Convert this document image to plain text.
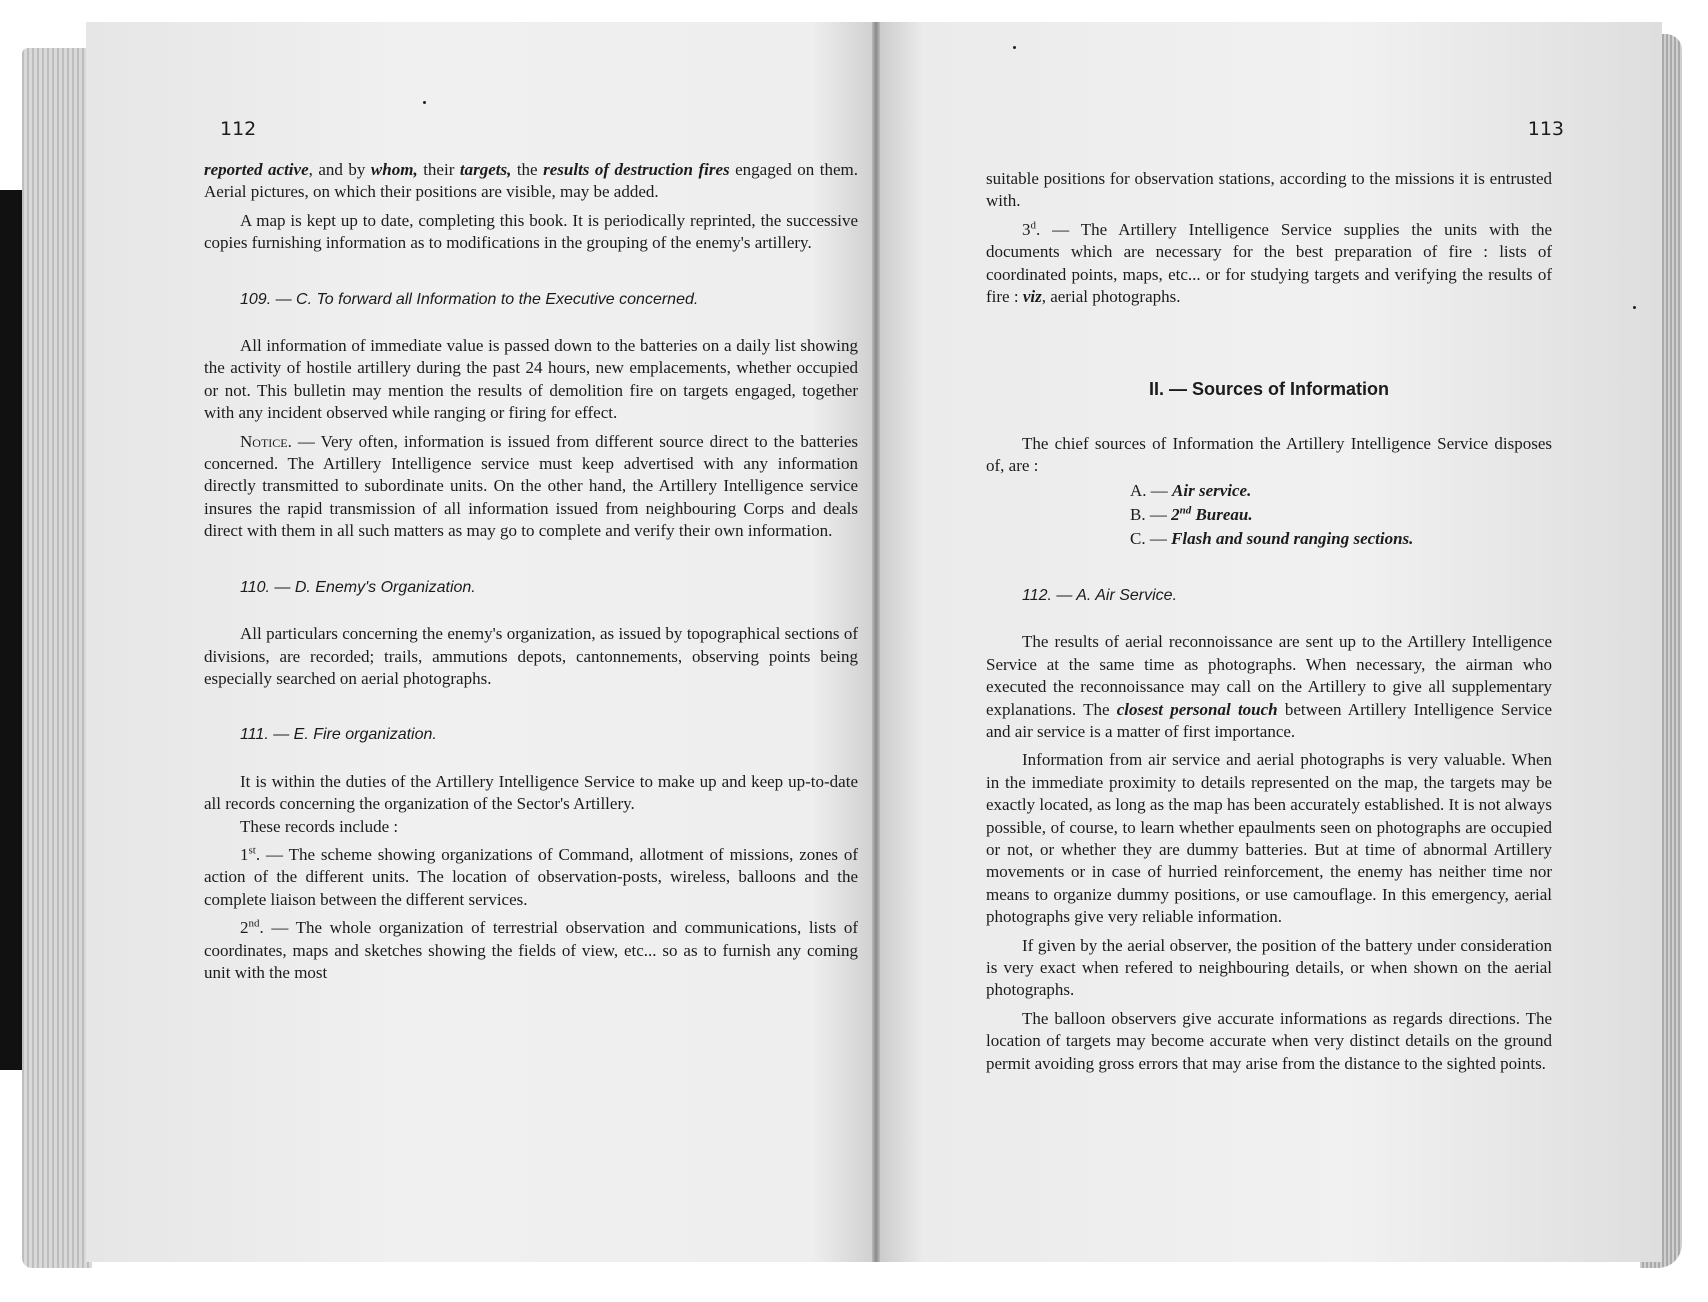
112

reported active, and by whom, their targets, the results of destruction fires engaged on them. Aerial pictures, on which their positions are visible, may be added.

A map is kept up to date, completing this book. It is periodically reprinted, the successive copies furnishing information as to modifications in the grouping of the enemy's artillery.

109. — C. To forward all Information to the Executive concerned.

All information of immediate value is passed down to the batteries on a daily list showing the activity of hostile artillery during the past 24 hours, new emplacements, whether occupied or not. This bulletin may mention the results of demolition fire on targets engaged, together with any incident observed while ranging or firing for effect.

Notice. — Very often, information is issued from different source direct to the batteries concerned. The Artillery Intelligence service must keep advertised with any information directly transmitted to subordinate units. On the other hand, the Artillery Intelligence service insures the rapid transmission of all information issued from neighbouring Corps and deals direct with them in all such matters as may go to complete and verify their own information.

110. — D. Enemy's Organization.

All particulars concerning the enemy's organization, as issued by topographical sections of divisions, are recorded; trails, ammutions depots, cantonnements, observing points being especially searched on aerial photographs.

111. — E. Fire organization.

It is within the duties of the Artillery Intelligence Service to make up and keep up-to-date all records concerning the organization of the Sector's Artillery.

These records include :

1st. — The scheme showing organizations of Command, allotment of missions, zones of action of the different units. The location of observation-posts, wireless, balloons and the complete liaison between the different services.

2nd. — The whole organization of terrestrial observation and communications, lists of coordinates, maps and sketches showing the fields of view, etc... so as to furnish any coming unit with the most

113

suitable positions for observation stations, according to the missions it is entrusted with.

3$^d$. — The Artillery Intelligence Service supplies the units with the documents which are necessary for the best preparation of fire : lists of coordinated points, maps, etc... or for studying targets and verifying the results of fire : viz, aerial photographs.

II. — Sources of Information

The chief sources of Information the Artillery Intelligence Service disposes of, are :

A. — Air service.

B. — 2nd Bureau.

C. — Flash and sound ranging sections.

112. — A. Air Service.

The results of aerial reconnoissance are sent up to the Artillery Intelligence Service at the same time as photographs. When necessary, the airman who executed the reconnoissance may call on the Artillery to give all supplementary explanations. The closest personal touch between Artillery Intelligence Service and air service is a matter of first importance.

Information from air service and aerial photographs is very valuable. When in the immediate proximity to details represented on the map, the targets may be exactly located, as long as the map has been accurately established. It is not always possible, of course, to learn whether epaulments seen on photographs are occupied or not, or whether they are dummy batteries. But at time of abnormal Artillery movements or in case of hurried reinforcement, the enemy has neither time nor means to organize dummy positions, or use camouflage. In this emergency, aerial photographs give very reliable information.

If given by the aerial observer, the position of the battery under consideration is very exact when refered to neighbouring details, or when shown on the aerial photographs.

The balloon observers give accurate informations as regards directions. The location of targets may become accurate when very distinct details on the ground permit avoiding gross errors that may arise from the distance to the sighted points.
